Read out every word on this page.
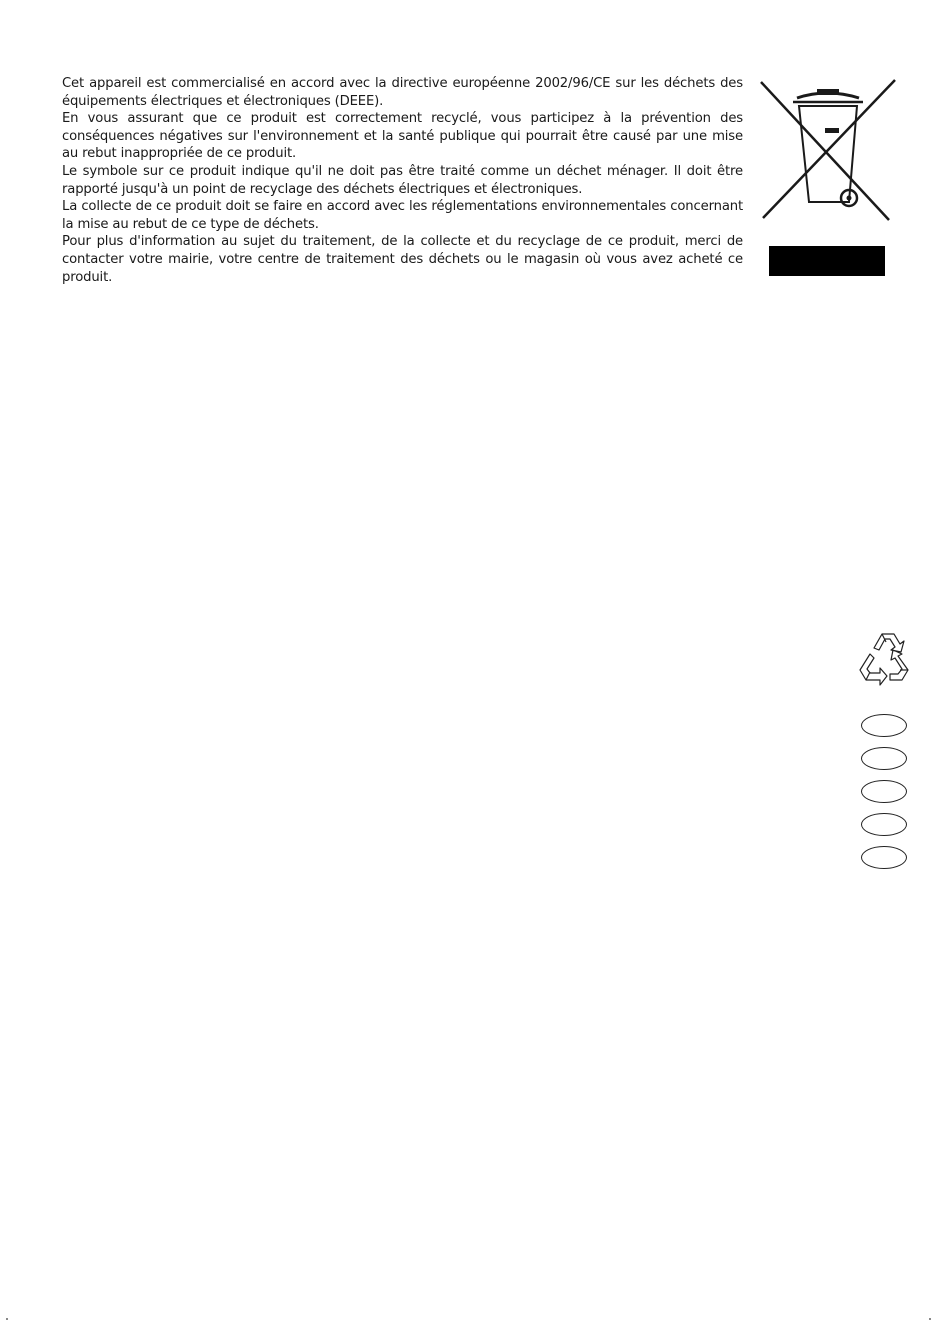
Cet appareil est commercialisé en accord avec la directive européenne 2002/96/CE sur les déchets des équipements électriques et électroniques (DEEE).

En vous assurant que ce produit est correctement recyclé, vous participez à la prévention des conséquences négatives sur l'environnement et la santé publique qui pourrait être causé par une mise au rebut inappropriée de ce produit.

Le symbole sur ce produit indique qu'il ne doit pas être traité comme un déchet ménager. Il doit être rapporté jusqu'à un point de recyclage des déchets électriques et électroniques.

La collecte de ce produit doit se faire en accord avec les réglementations environnementales concernant la mise au rebut de ce type de déchets.

Pour plus d'information au sujet du traitement, de la collecte et du recyclage de ce produit, merci de contacter votre mairie, votre centre de traitement des déchets ou le magasin où vous avez acheté ce produit.
